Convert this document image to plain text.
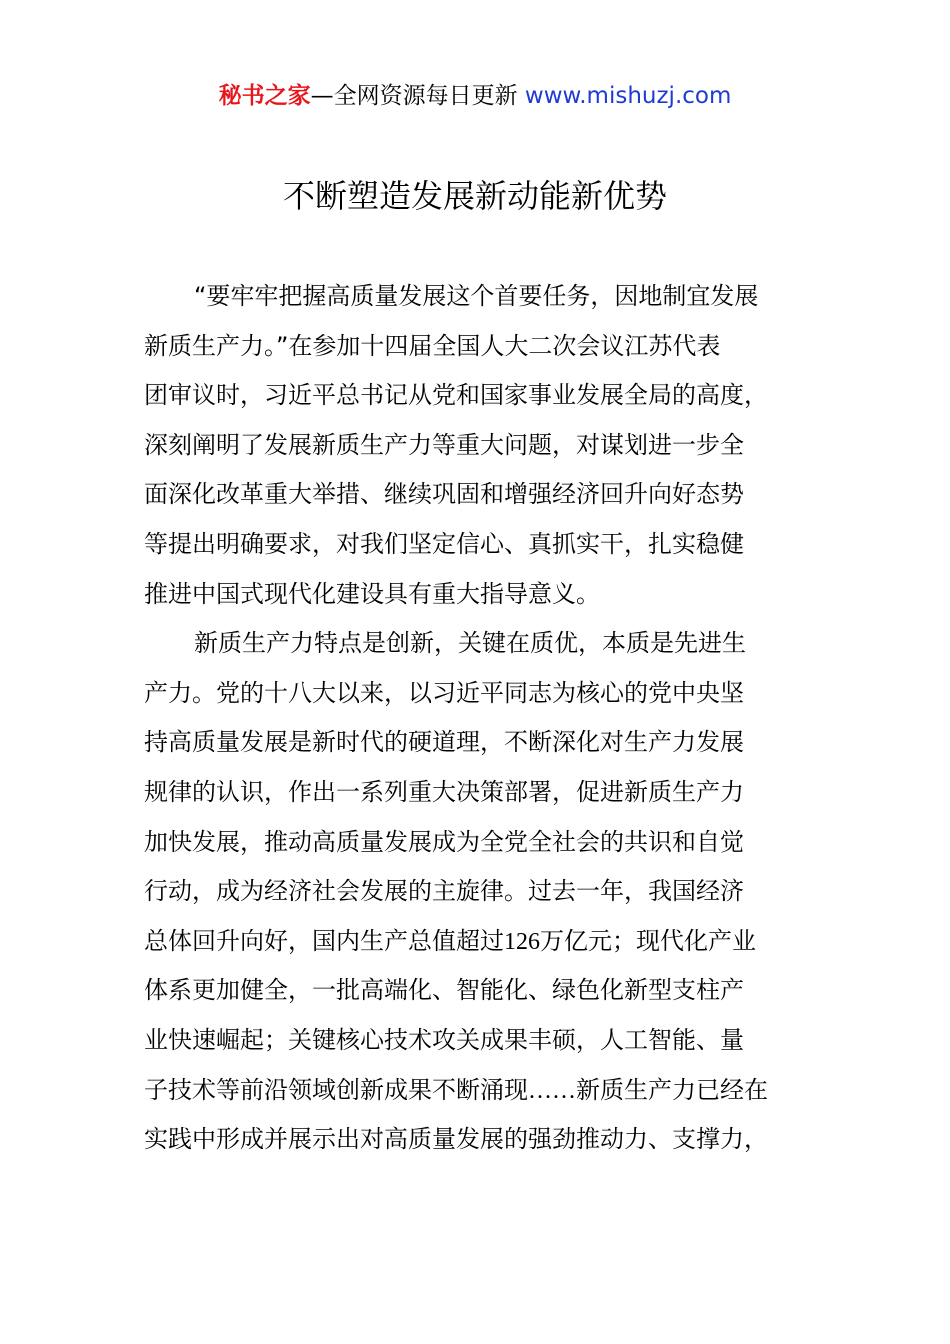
秘书之家—全网资源每日更新 www.mishuzj.com
不断塑造发展新动能新优势
“要牢牢把握高质量发展这个首要任务，因地制宜发展
新质生产力。”在参加十四届全国人大二次会议江苏代表
团审议时，习近平总书记从党和国家事业发展全局的高度，
深刻阐明了发展新质生产力等重大问题，对谋划进一步全
面深化改革重大举措、继续巩固和增强经济回升向好态势
等提出明确要求，对我们坚定信心、真抓实干，扎实稳健
推进中国式现代化建设具有重大指导意义。
新质生产力特点是创新，关键在质优，本质是先进生
产力。党的十八大以来，以习近平同志为核心的党中央坚
持高质量发展是新时代的硬道理，不断深化对生产力发展
规律的认识，作出一系列重大决策部署，促进新质生产力
加快发展，推动高质量发展成为全党全社会的共识和自觉
行动，成为经济社会发展的主旋律。过去一年，我国经济
总体回升向好，国内生产总值超过126万亿元；现代化产业
体系更加健全，一批高端化、智能化、绿色化新型支柱产
业快速崛起；关键核心技术攻关成果丰硕，人工智能、量
子技术等前沿领域创新成果不断涌现……新质生产力已经在
实践中形成并展示出对高质量发展的强劲推动力、支撑力，
